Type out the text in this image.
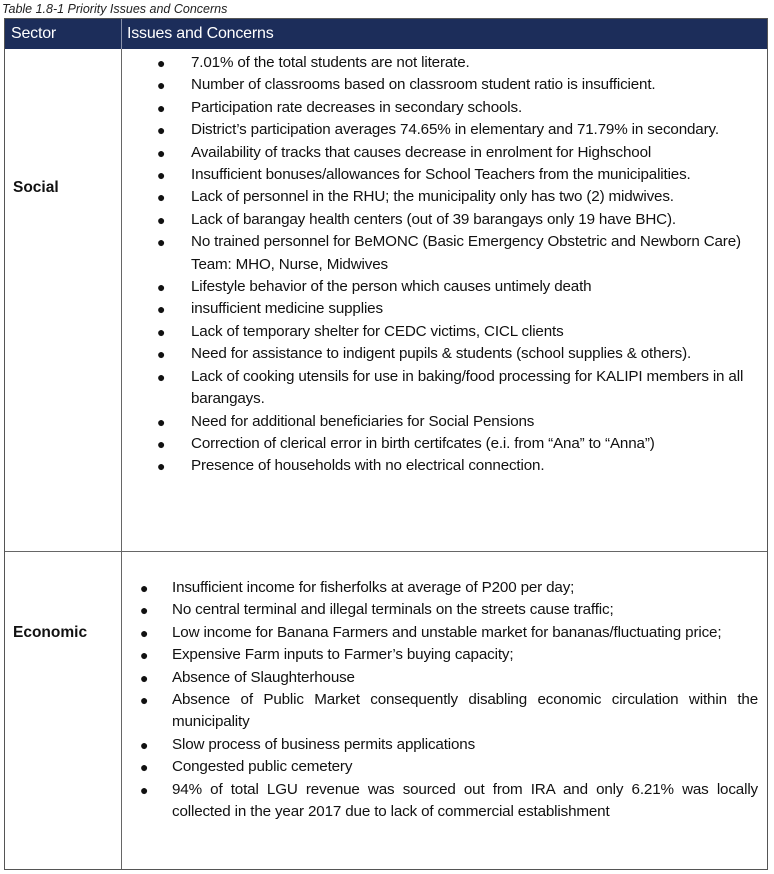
Table 1.8-1 Priority Issues and Concerns
Sector	Issues and Concerns
Social
● 7.01% of the total students are not literate.
● Number of classrooms based on classroom student ratio is insufficient.
● Participation rate decreases in secondary schools.
● District’s participation averages 74.65% in elementary and 71.79% in secondary.
● Availability of tracks that causes decrease in enrolment for Highschool
● Insufficient bonuses/allowances for School Teachers from the municipalities.
● Lack of personnel in the RHU; the municipality only has two (2) midwives.
● Lack of barangay health centers (out of 39 barangays only 19 have BHC).
● No trained personnel for BeMONC (Basic Emergency Obstetric and Newborn Care) Team: MHO, Nurse, Midwives
● Lifestyle behavior of the person which causes untimely death
● insufficient medicine supplies
● Lack of temporary shelter for CEDC victims, CICL clients
● Need for assistance to indigent pupils & students (school supplies & others).
● Lack of cooking utensils for use in baking/food processing for KALIPI members in all barangays.
● Need for additional beneficiaries for Social Pensions
● Correction of clerical error in birth certifcates (e.i. from “Ana” to “Anna”)
● Presence of households with no electrical connection.
Economic
● Insufficient income for fisherfolks at average of P200 per day;
● No central terminal and illegal terminals on the streets cause traffic;
● Low income for Banana Farmers and unstable market for bananas/fluctuating price;
● Expensive Farm inputs to Farmer’s buying capacity;
● Absence of Slaughterhouse
● Absence of Public Market consequently disabling economic circulation within the municipality
● Slow process of business permits applications
● Congested public cemetery
● 94% of total LGU revenue was sourced out from IRA and only 6.21% was locally collected in the year 2017 due to lack of commercial establishment
